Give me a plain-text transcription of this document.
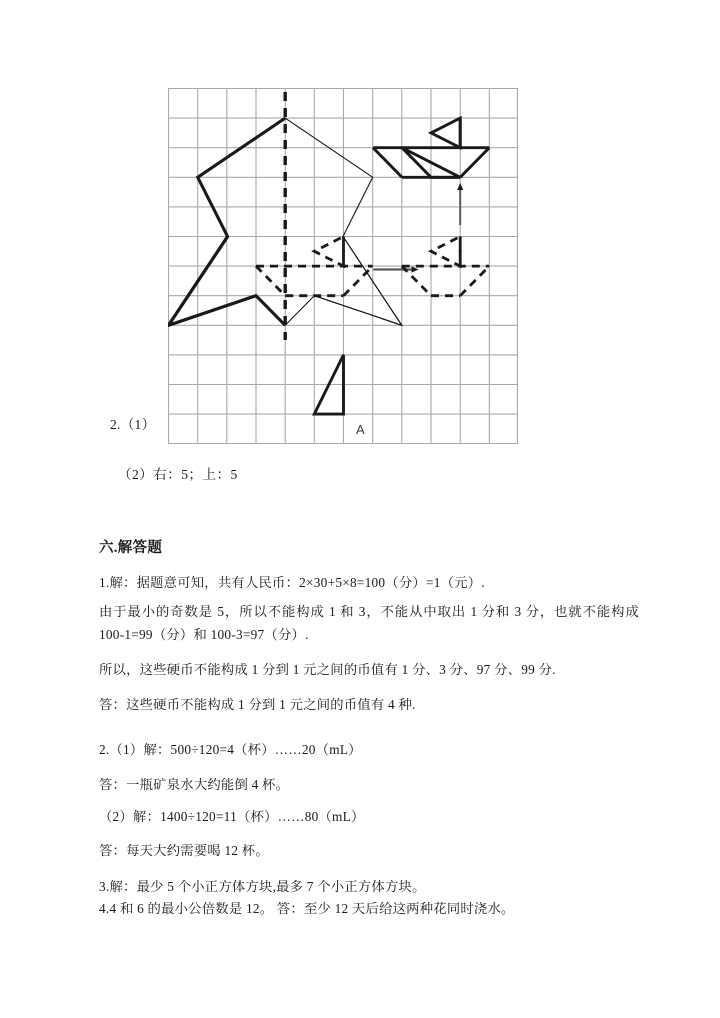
A
2.（1）
（2）右：5；上：5
六.解答题
1.解：据题意可知，共有人民币：2×30+5×8=100（分）=1（元）.
由于最小的奇数是 5，所以不能构成 1 和 3，不能从中取出 1 分和 3 分，也就不能构成 100‑1=99（分）和 100‑3=97（分）.
所以，这些硬币不能构成 1 分到 1 元之间的币值有 1 分、3 分、97 分、99 分.
答：这些硬币不能构成 1 分到 1 元之间的币值有 4 种.
2.（1）解：500÷120=4（杯）……20（mL）
答：一瓶矿泉水大约能倒 4 杯。
（2）解：1400÷120=11（杯）……80（mL）
答：每天大约需要喝 12 杯。
3.解：最少 5 个小正方体方块,最多 7 个小正方体方块。
4.4 和 6 的最小公倍数是 12。 答：至少 12 天后给这两种花同时浇水。
